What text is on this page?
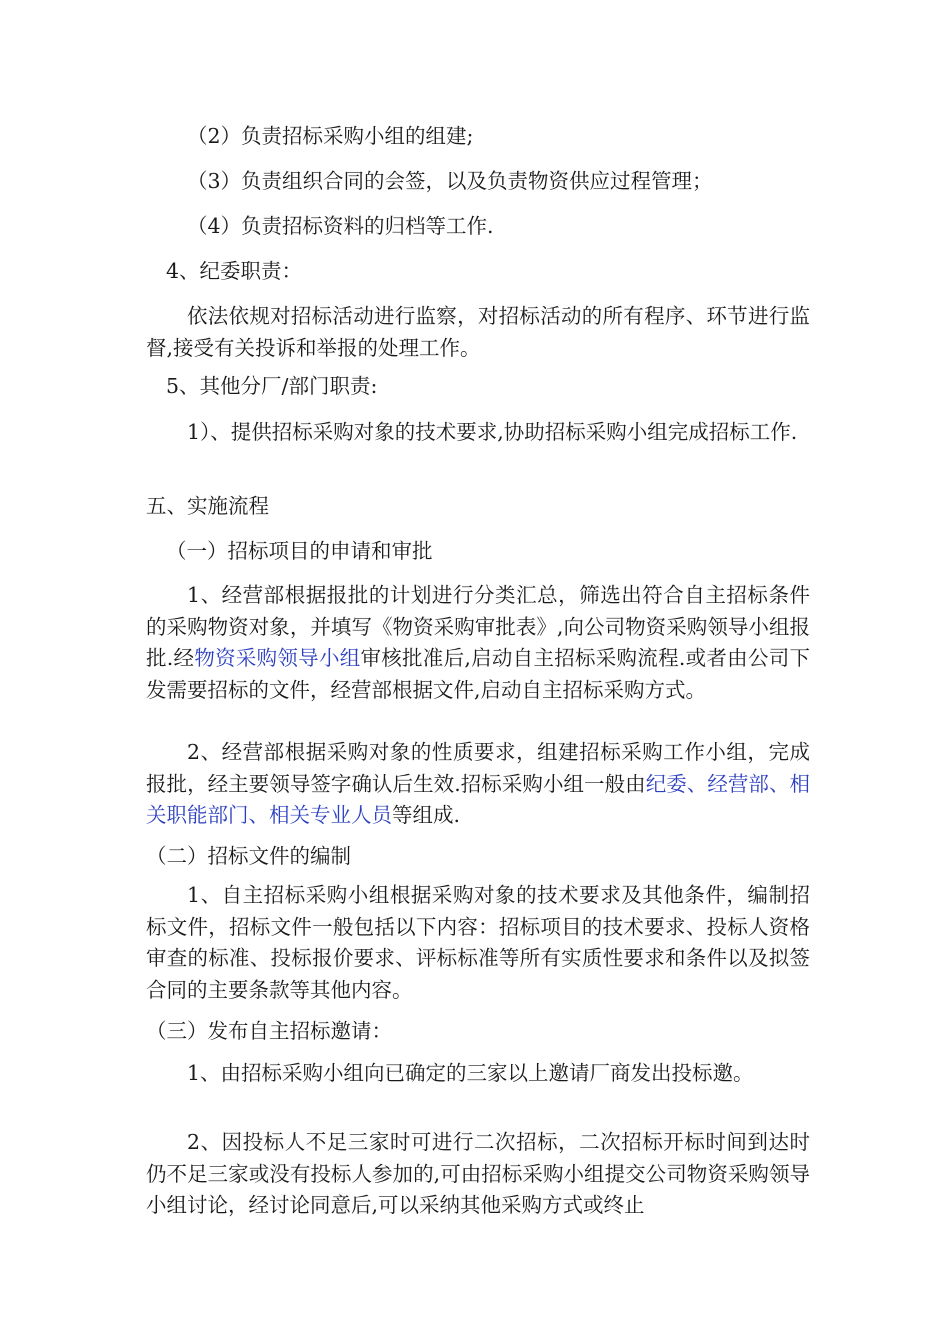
（2）负责招标采购小组的组建;
（3）负责组织合同的会签，以及负责物资供应过程管理；
（4）负责招标资料的归档等工作.
4、纪委职责：
依法依规对招标活动进行监察，对招标活动的所有程序、环节进行监督,接受有关投诉和举报的处理工作。
5、其他分厂/部门职责:
1）、提供招标采购对象的技术要求,协助招标采购小组完成招标工作.
五、实施流程
（一）招标项目的申请和审批
1、经营部根据报批的计划进行分类汇总，筛选出符合自主招标条件的采购物资对象，并填写《物资采购审批表》,向公司物资采购领导小组报批.经物资采购领导小组审核批准后,启动自主招标采购流程.或者由公司下发需要招标的文件，经营部根据文件,启动自主招标采购方式。
2、经营部根据采购对象的性质要求，组建招标采购工作小组，完成报批，经主要领导签字确认后生效.招标采购小组一般由纪委、经营部、相关职能部门、相关专业人员等组成.
（二）招标文件的编制
1、自主招标采购小组根据采购对象的技术要求及其他条件，编制招标文件，招标文件一般包括以下内容：招标项目的技术要求、投标人资格审查的标准、投标报价要求、评标标准等所有实质性要求和条件以及拟签合同的主要条款等其他内容。
（三）发布自主招标邀请：
1、由招标采购小组向已确定的三家以上邀请厂商发出投标邀。
2、因投标人不足三家时可进行二次招标，二次招标开标时间到达时仍不足三家或没有投标人参加的,可由招标采购小组提交公司物资采购领导小组讨论，经讨论同意后,可以采纳其他采购方式或终止
